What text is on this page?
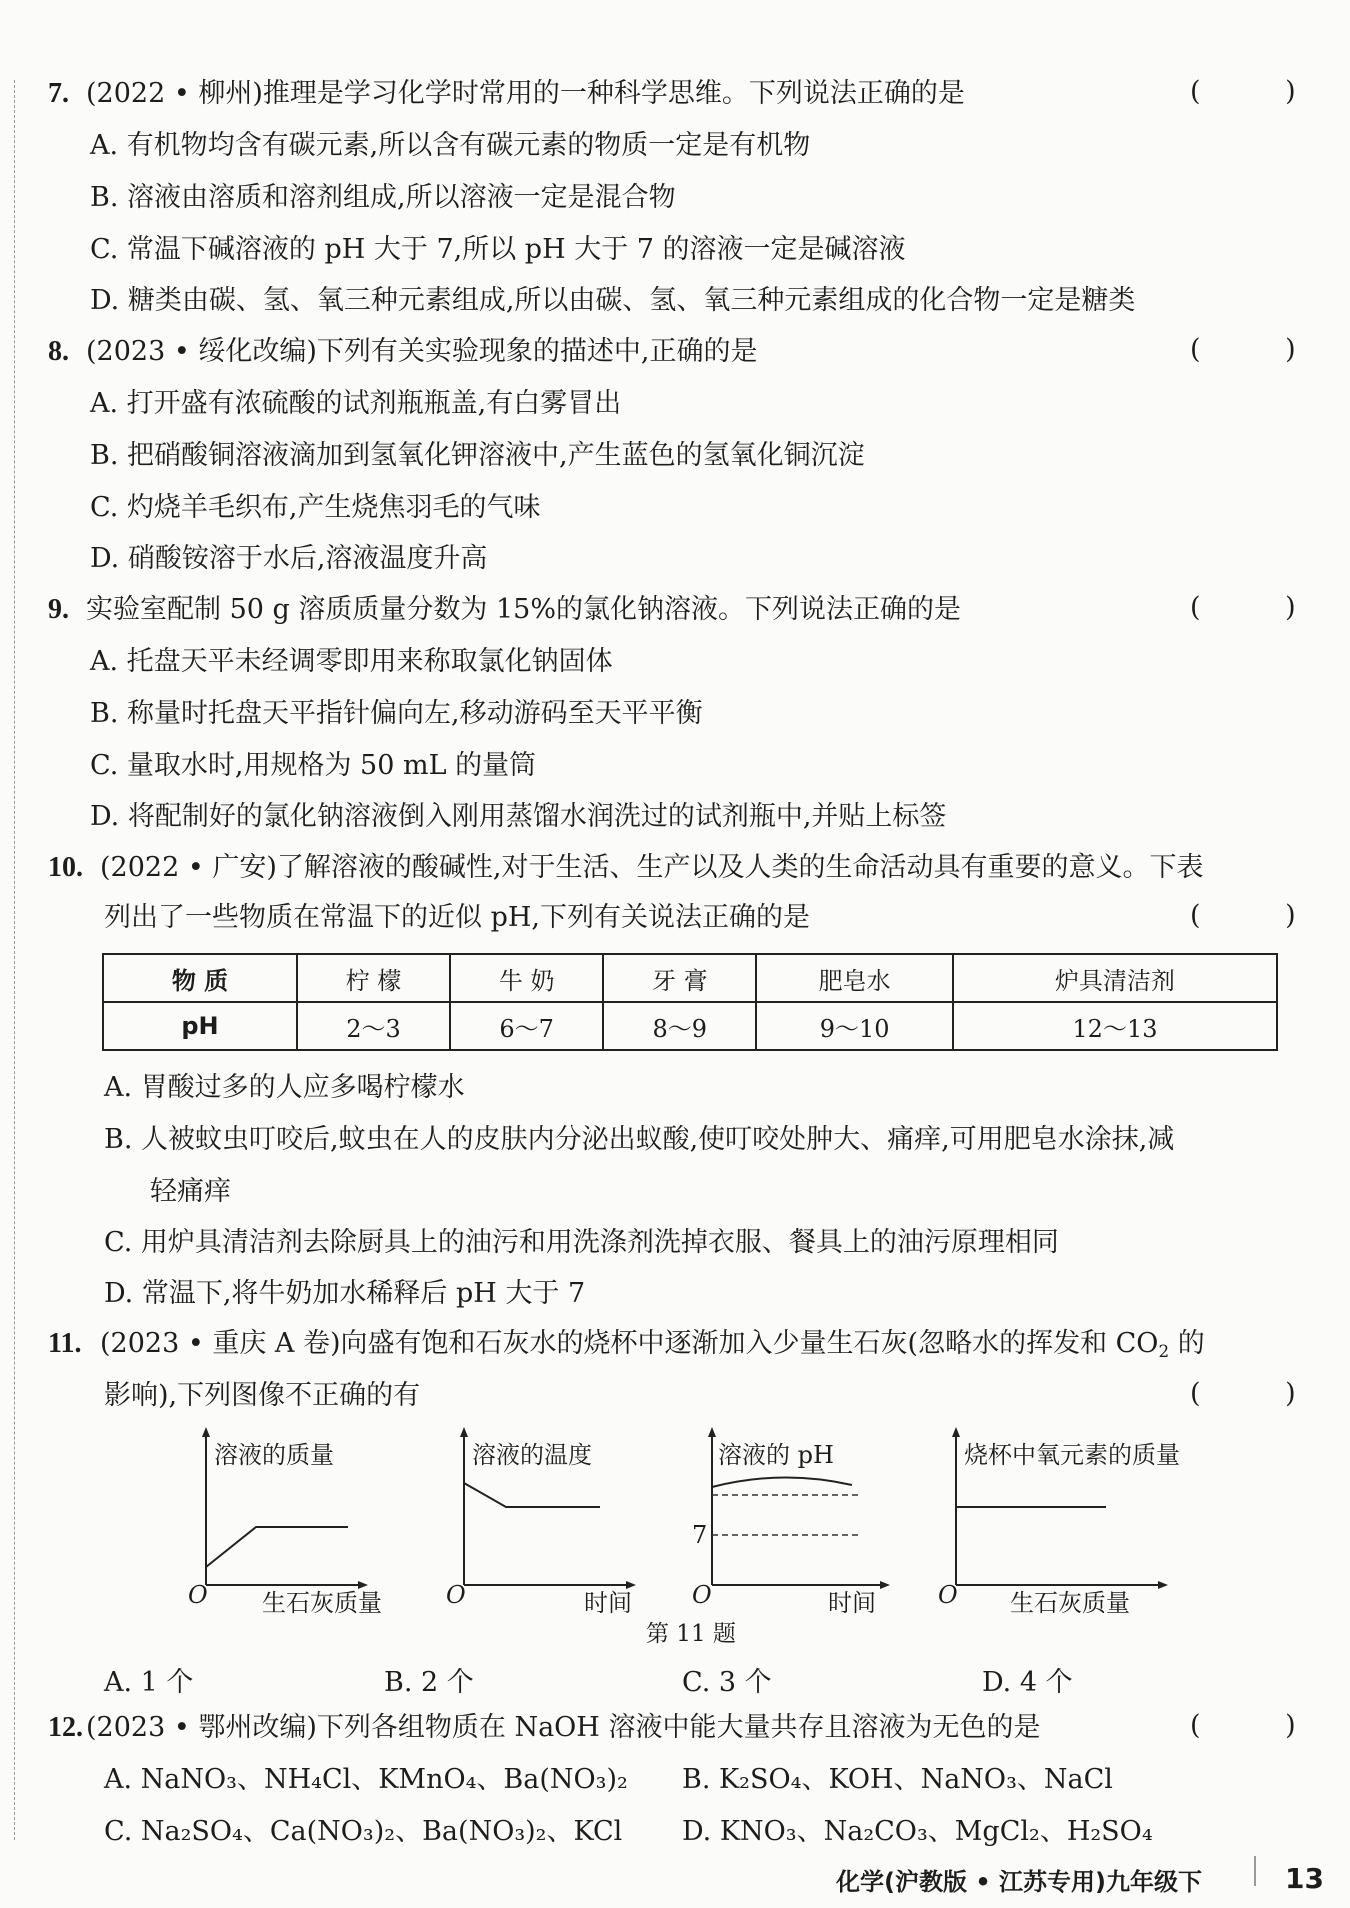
7. (2022 • 柳州)推理是学习化学时常用的一种科学思维。下列说法正确的是	( )
A. 有机物均含有碳元素,所以含有碳元素的物质一定是有机物
B. 溶液由溶质和溶剂组成,所以溶液一定是混合物
C. 常温下碱溶液的 pH 大于 7,所以 pH 大于 7 的溶液一定是碱溶液
D. 糖类由碳、氢、氧三种元素组成,所以由碳、氢、氧三种元素组成的化合物一定是糖类
8. (2023 • 绥化改编)下列有关实验现象的描述中,正确的是	( )
A. 打开盛有浓硫酸的试剂瓶瓶盖,有白雾冒出
B. 把硝酸铜溶液滴加到氢氧化钾溶液中,产生蓝色的氢氧化铜沉淀
C. 灼烧羊毛织布,产生烧焦羽毛的气味
D. 硝酸铵溶于水后,溶液温度升高
9. 实验室配制 50 g 溶质质量分数为 15%的氯化钠溶液。下列说法正确的是	( )
A. 托盘天平未经调零即用来称取氯化钠固体
B. 称量时托盘天平指针偏向左,移动游码至天平平衡
C. 量取水时,用规格为 50 mL 的量筒
D. 将配制好的氯化钠溶液倒入刚用蒸馏水润洗过的试剂瓶中,并贴上标签
10. (2022 • 广安)了解溶液的酸碱性,对于生活、生产以及人类的生命活动具有重要的意义。下表
列出了一些物质在常温下的近似 pH,下列有关说法正确的是	( )
物 质	柠 檬	牛 奶	牙 膏	肥皂水	炉具清洁剂
pH	2～3	6～7	8～9	9～10	12～13
A. 胃酸过多的人应多喝柠檬水
B. 人被蚊虫叮咬后,蚊虫在人的皮肤内分泌出蚁酸,使叮咬处肿大、痛痒,可用肥皂水涂抹,减
轻痛痒
C. 用炉具清洁剂去除厨具上的油污和用洗涤剂洗掉衣服、餐具上的油污原理相同
D. 常温下,将牛奶加水稀释后 pH 大于 7
11. (2023 • 重庆 A 卷)向盛有饱和石灰水的烧杯中逐渐加入少量生石灰(忽略水的挥发和 $CO_2$ 的
影响),下列图像不正确的有	( )
溶液的质量
O 生石灰质量
溶液的温度
O	时间
溶液的 pH
7
O	时间
烧杯中氧元素的质量
O 生石灰质量
第 11 题
A. 1 个	B. 2 个	C. 3 个	D. 4 个
12. (2023 • 鄂州改编)下列各组物质在 NaOH 溶液中能大量共存且溶液为无色的是	( )
A. NaNO₃、NH₄Cl、KMnO₄、Ba(NO₃)₂ B. K₂SO₄、KOH、NaNO₃、NaCl
C. Na₂SO₄、Ca(NO₃)₂、Ba(NO₃)₂、KCl D. KNO₃、Na₂CO₃、MgCl₂、H₂SO₄
化学(沪教版 • 江苏专用)九年级下	13
